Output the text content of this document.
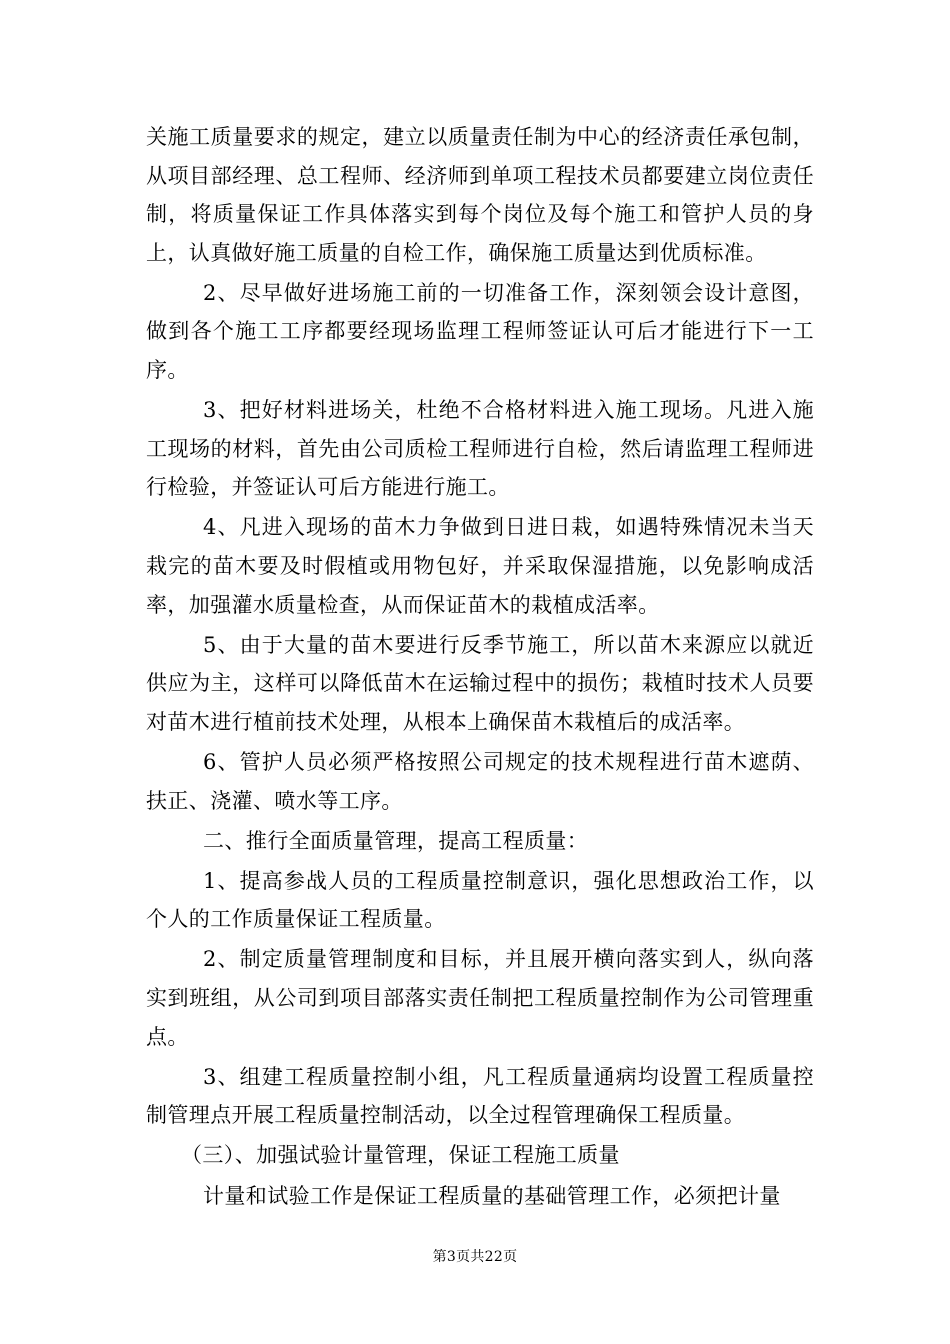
关施工质量要求的规定，建立以质量责任制为中心的经济责任承包制，从项目部经理、总工程师、经济师到单项工程技术员都要建立岗位责任制，将质量保证工作具体落实到每个岗位及每个施工和管护人员的身上，认真做好施工质量的自检工作，确保施工质量达到优质标准。

2、尽早做好进场施工前的一切准备工作，深刻领会设计意图，做到各个施工工序都要经现场监理工程师签证认可后才能进行下一工序。

3、把好材料进场关，杜绝不合格材料进入施工现场。凡进入施工现场的材料，首先由公司质检工程师进行自检，然后请监理工程师进行检验，并签证认可后方能进行施工。

4、凡进入现场的苗木力争做到日进日栽，如遇特殊情况未当天栽完的苗木要及时假植或用物包好，并采取保湿措施，以免影响成活率，加强灌水质量检查，从而保证苗木的栽植成活率。

5、由于大量的苗木要进行反季节施工，所以苗木来源应以就近供应为主，这样可以降低苗木在运输过程中的损伤；栽植时技术人员要对苗木进行植前技术处理，从根本上确保苗木栽植后的成活率。

6、管护人员必须严格按照公司规定的技术规程进行苗木遮荫、扶正、浇灌、喷水等工序。

二、推行全面质量管理，提高工程质量：

1、提高参战人员的工程质量控制意识，强化思想政治工作，以个人的工作质量保证工程质量。

2、制定质量管理制度和目标，并且展开横向落实到人，纵向落实到班组，从公司到项目部落实责任制把工程质量控制作为公司管理重点。

3、组建工程质量控制小组，凡工程质量通病均设置工程质量控制管理点开展工程质量控制活动，以全过程管理确保工程质量。

（三）、加强试验计量管理，保证工程施工质量

计量和试验工作是保证工程质量的基础管理工作，必须把计量

第3页共22页
